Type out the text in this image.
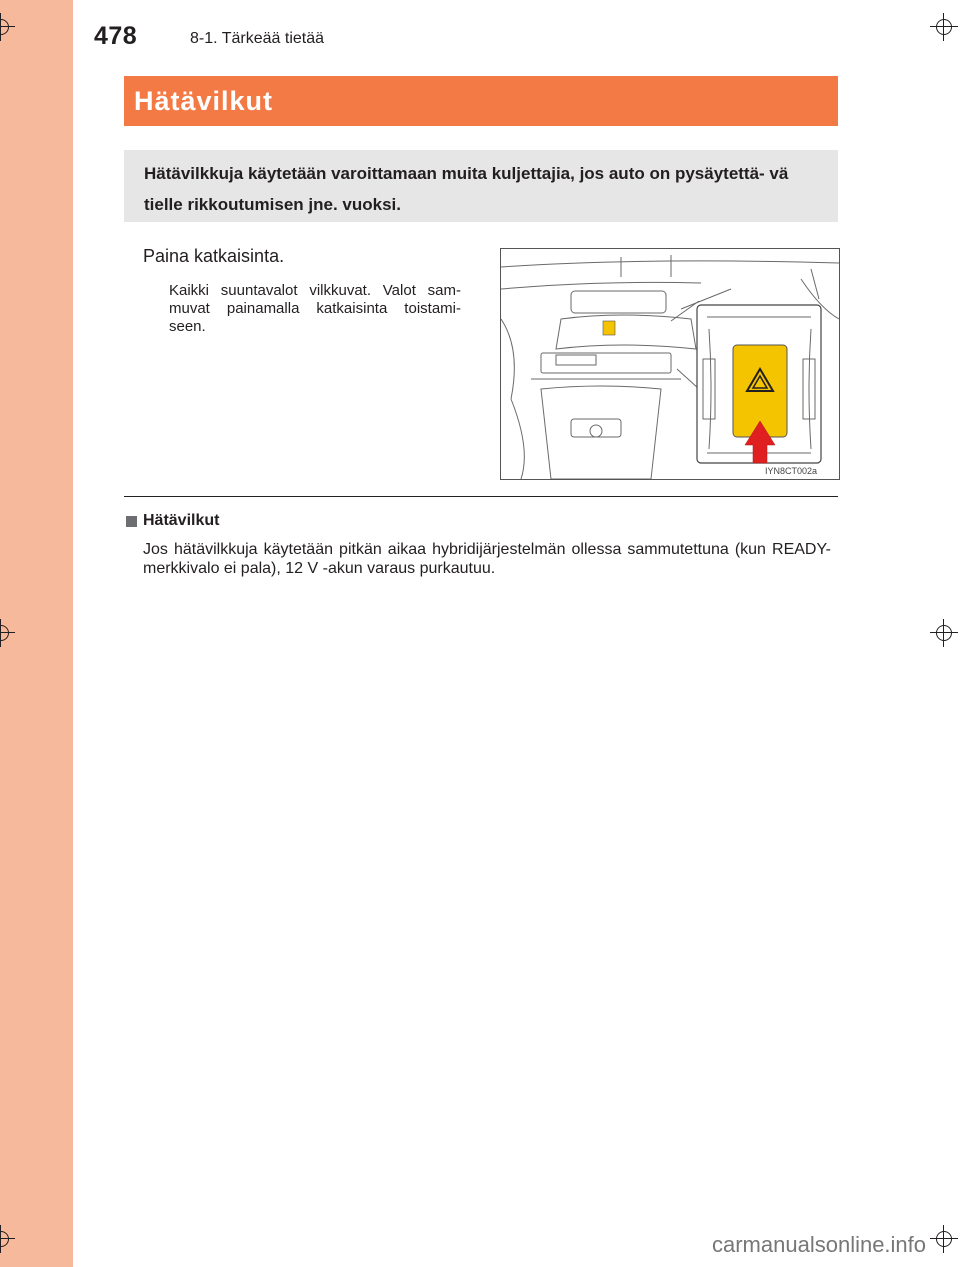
478	8-1. Tärkeää tietää
Hätävilkut
Hätävilkkuja käytetään varoittamaan muita kuljettajia, jos auto on pysäytettä- vä tielle rikkoutumisen jne. vuoksi.
Paina katkaisinta.
Kaikki suuntavalot vilkkuvat. Valot sam- muvat painamalla katkaisinta toistami- seen.
IYN8CT002a
Hätävilkut
Jos hätävilkkuja käytetään pitkän aikaa hybridijärjestelmän ollessa sammutettuna (kun READY-merkkivalo ei pala), 12 V -akun varaus purkautuu.
carmanualsonline.info
